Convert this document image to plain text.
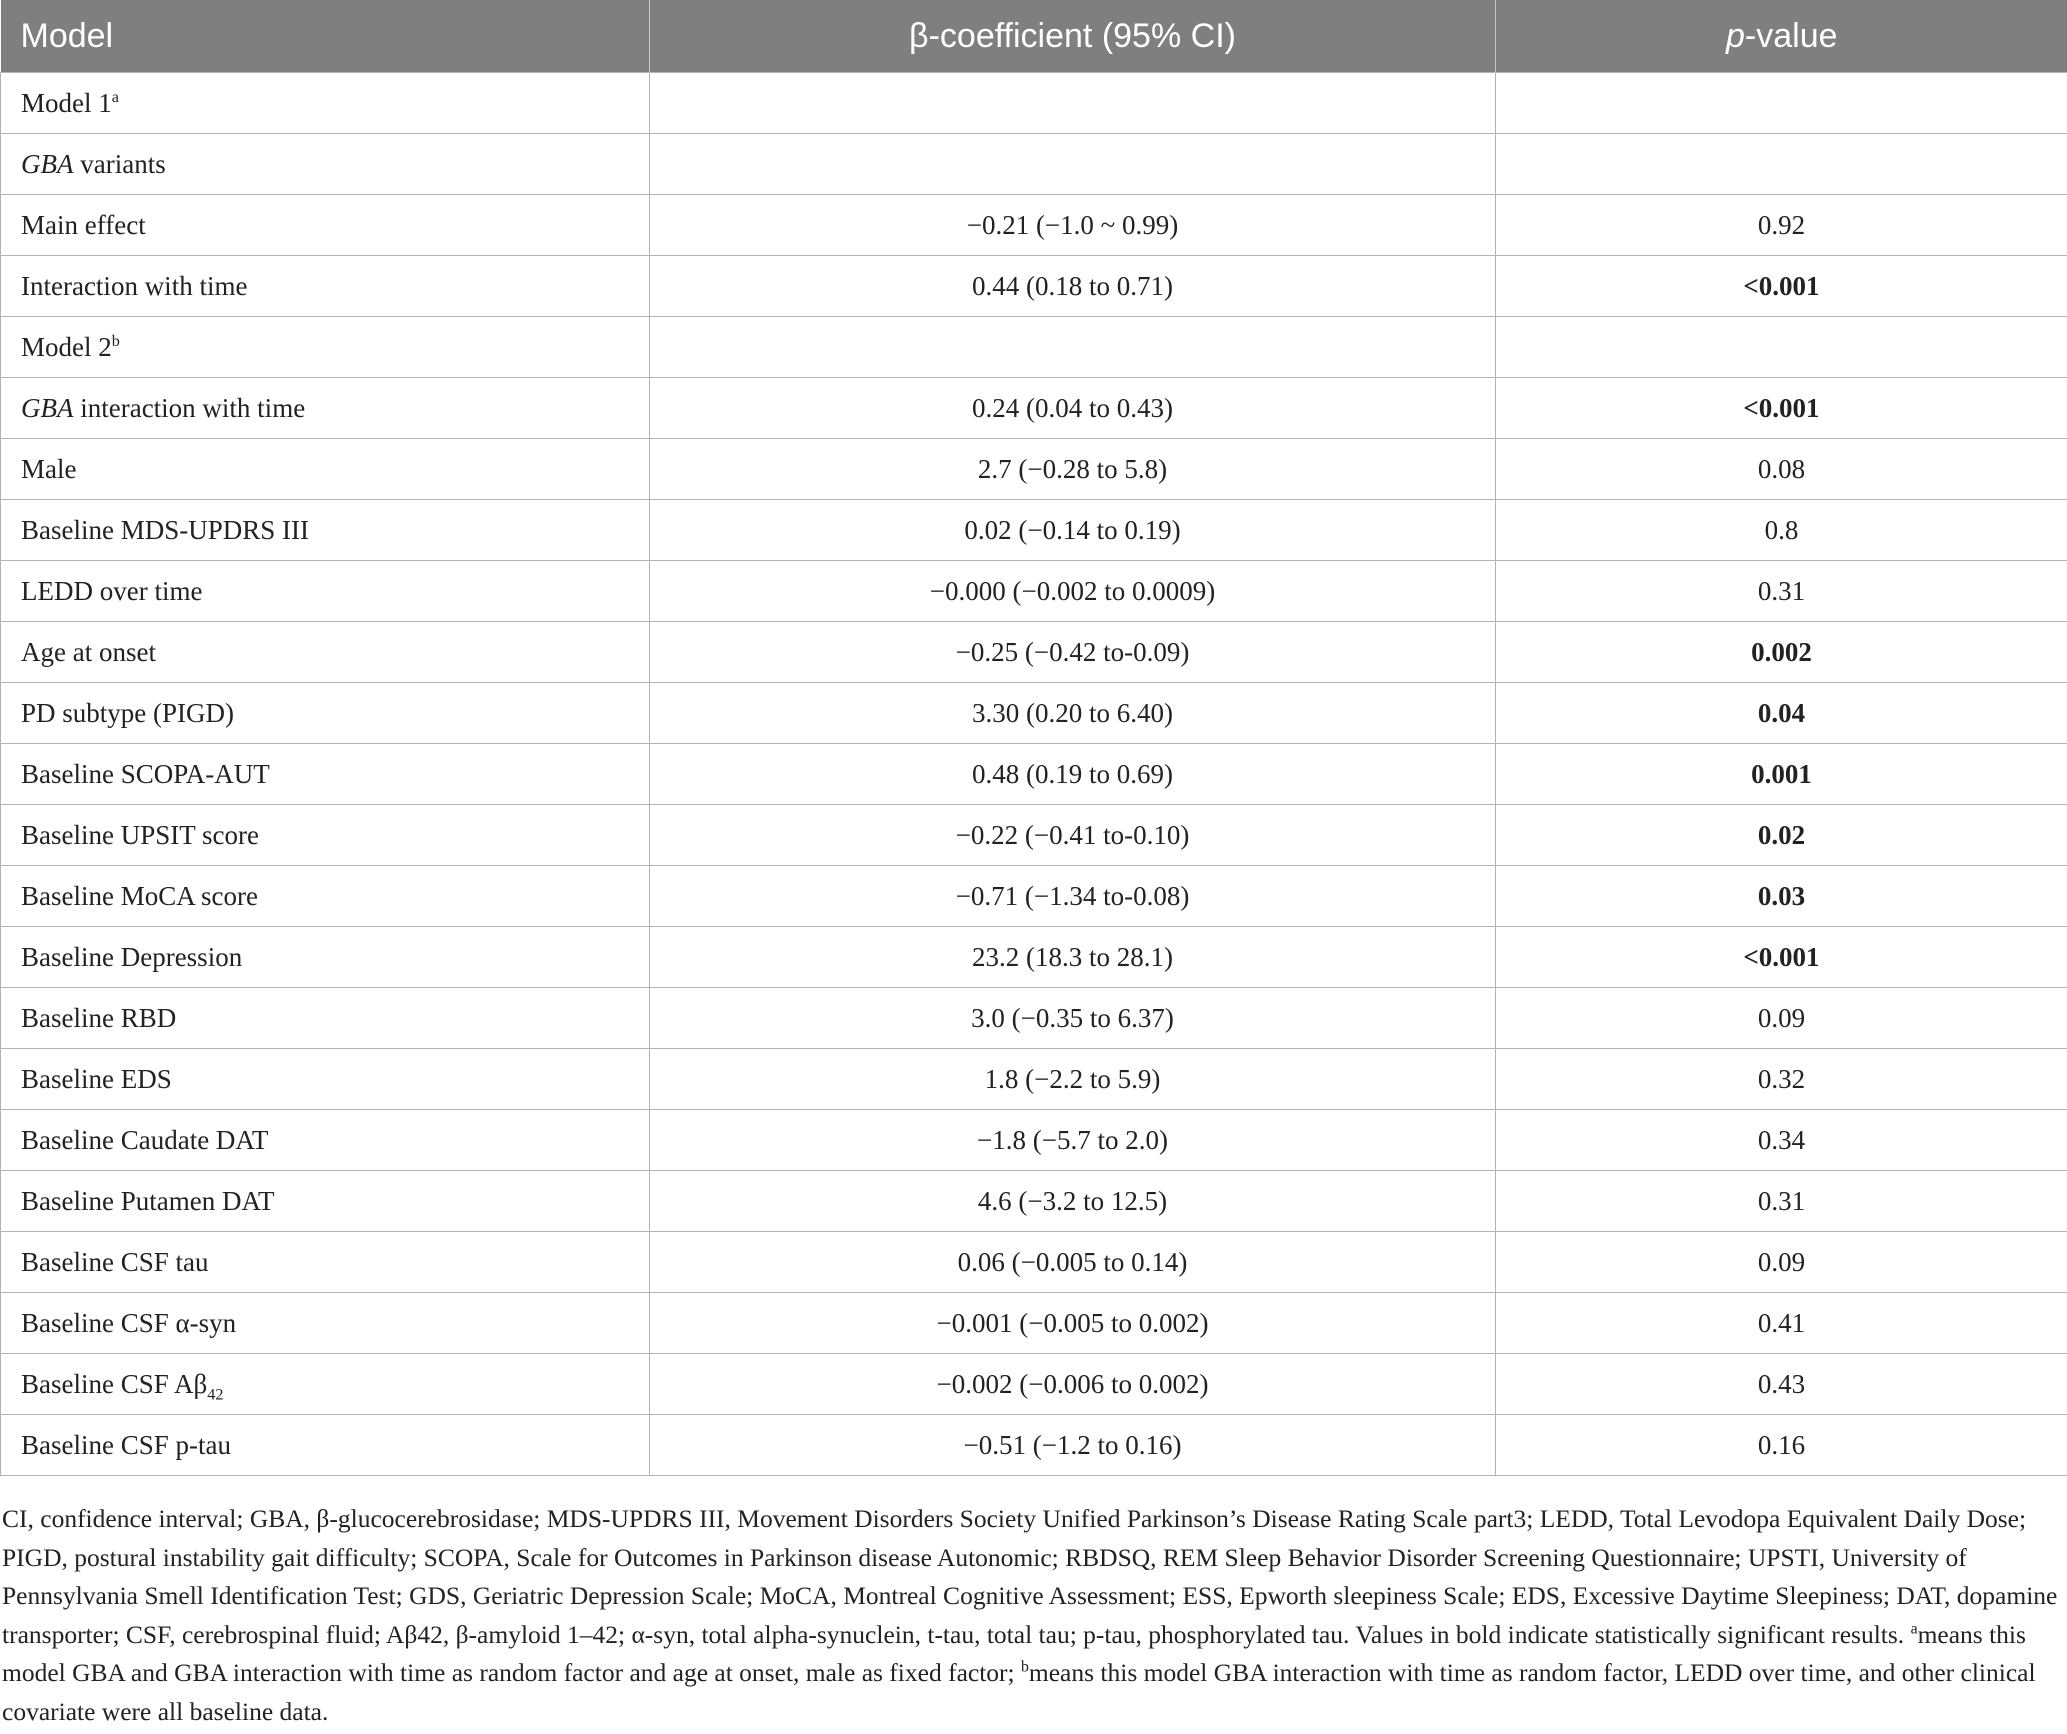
Model	β-coefficient (95% CI)	p-value
Model 1$^a$		
GBA variants		
Main effect	−0.21 (−1.0 ~ 0.99)	0.92
Interaction with time	0.44 (0.18 to 0.71)	<0.001
Model 2$^b$		
GBA interaction with time	0.24 (0.04 to 0.43)	<0.001
Male	2.7 (−0.28 to 5.8)	0.08
Baseline MDS-UPDRS III	0.02 (−0.14 to 0.19)	0.8
LEDD over time	−0.000 (−0.002 to 0.0009)	0.31
Age at onset	−0.25 (−0.42 to-0.09)	0.002
PD subtype (PIGD)	3.30 (0.20 to 6.40)	0.04
Baseline SCOPA-AUT	0.48 (0.19 to 0.69)	0.001
Baseline UPSIT score	−0.22 (−0.41 to-0.10)	0.02
Baseline MoCA score	−0.71 (−1.34 to-0.08)	0.03
Baseline Depression	23.2 (18.3 to 28.1)	<0.001
Baseline RBD	3.0 (−0.35 to 6.37)	0.09
Baseline EDS	1.8 (−2.2 to 5.9)	0.32
Baseline Caudate DAT	−1.8 (−5.7 to 2.0)	0.34
Baseline Putamen DAT	4.6 (−3.2 to 12.5)	0.31
Baseline CSF tau	0.06 (−0.005 to 0.14)	0.09
Baseline CSF α-syn	−0.001 (−0.005 to 0.002)	0.41
Baseline CSF $A\beta_{42}$	−0.002 (−0.006 to 0.002)	0.43
Baseline CSF p-tau	−0.51 (−1.2 to 0.16)	0.16
CI, confidence interval; GBA, β-glucocerebrosidase; MDS-UPDRS III, Movement Disorders Society Unified Parkinson’s Disease Rating Scale part3; LEDD, Total Levodopa Equivalent Daily Dose; PIGD, postural instability gait difficulty; SCOPA, Scale for Outcomes in Parkinson disease Autonomic; RBDSQ, REM Sleep Behavior Disorder Screening Questionnaire; UPSTI, University of Pennsylvania Smell Identification Test; GDS, Geriatric Depression Scale; MoCA, Montreal Cognitive Assessment; ESS, Epworth sleepiness Scale; EDS, Excessive Daytime Sleepiness; DAT, dopamine transporter; CSF, cerebrospinal fluid; Aβ42, β-amyloid 1–42; α-syn, total alpha-synuclein, t-tau, total tau; p-tau, phosphorylated tau. Values in bold indicate statistically significant results. $^a$means this model GBA and GBA interaction with time as random factor and age at onset, male as fixed factor; $^b$means this model GBA interaction with time as random factor, LEDD over time, and other clinical covariate were all baseline data.
